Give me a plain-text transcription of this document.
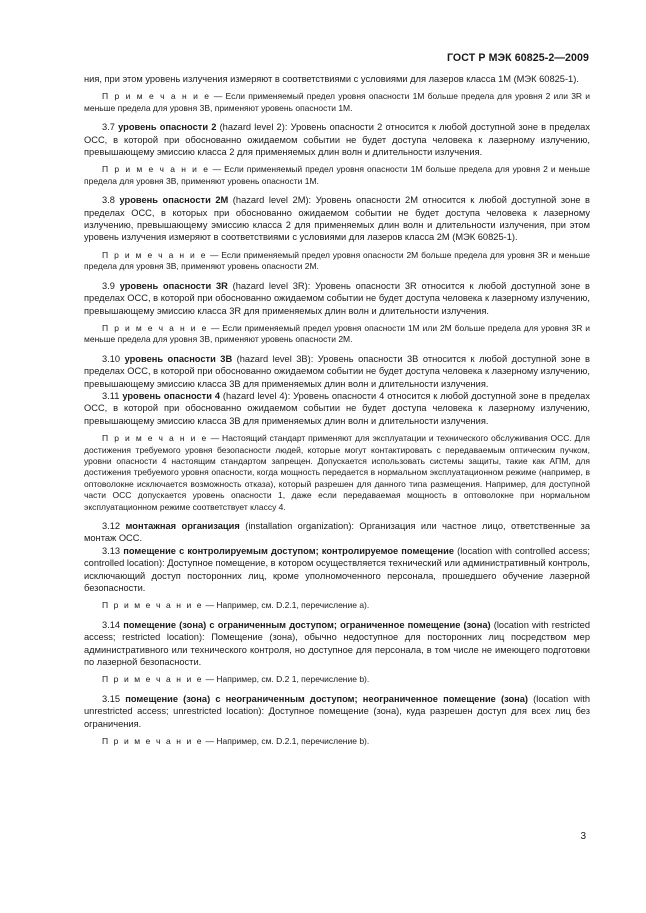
ГОСТ Р МЭК 60825-2—2009

ния, при этом уровень излучения измеряют в соответствиями с условиями для лазеров класса 1М (МЭК 60825-1).

П р и м е ч а н и е — Если применяемый предел уровня опасности 1М больше предела для уровня 2 или 3R и меньше предела для уровня 3В, применяют уровень опасности 1М.

3.7 уровень опасности 2 (hazard level 2): Уровень опасности 2 относится к любой доступной зоне в пределах ОСС, в которой при обоснованно ожидаемом событии не будет доступа человека к лазерному излучению, превышающему эмиссию класса 2 для применяемых длин волн и длительности излучения.

П р и м е ч а н и е — Если применяемый предел уровня опасности 1М больше предела для уровня 2 и меньше предела для уровня 3В, применяют уровень опасности 1М.

3.8 уровень опасности 2М (hazard level 2М): Уровень опасности 2М относится к любой доступной зоне в пределах ОСС, в которых при обоснованно ожидаемом событии не будет доступа человека к лазерному излучению, превышающему эмиссию класса 2 для применяемых длин волн и длительности излучения, при этом уровень излучения измеряют в соответствиями с условиями для лазеров класса 2М (МЭК 60825-1).

П р и м е ч а н и е — Если применяемый предел уровня опасности 2М больше предела для уровня 3R и меньше предела для уровня 3В, применяют уровень опасности 2М.

3.9 уровень опасности 3R (hazard level 3R): Уровень опасности 3R относится к любой доступной зоне в пределах ОСС, в которой при обоснованно ожидаемом событии не будет доступа человека к лазерному излучению, превышающему эмиссию класса 3R для применяемых длин волн и длительности излучения.

П р и м е ч а н и е — Если применяемый предел уровня опасности 1М или 2М больше предела для уровня 3R и меньше предела для уровня 3В, применяют уровень опасности 2М.

3.10 уровень опасности 3В (hazard level 3В): Уровень опасности 3В относится к любой доступной зоне в пределах ОСС, в которой при обоснованно ожидаемом событии не будет доступа человека к лазерному излучению, превышающему эмиссию класса 3В для применяемых длин волн и длительности излучения.

3.11 уровень опасности 4 (hazard level 4): Уровень опасности 4 относится к любой доступной зоне в пределах ОСС, в которой при обоснованно ожидаемом событии не будет доступа человека к лазерному излучению, превышающему эмиссию класса 3В для применяемых длин волн и длительности излучения.

П р и м е ч а н и е — Настоящий стандарт применяют для эксплуатации и технического обслуживания ОСС. Для достижения требуемого уровня безопасности людей, которые могут контактировать с передаваемым оптическим пучком, уровни опасности 4 настоящим стандартом запрещен. Допускается использовать системы защиты, такие как АПМ, для достижения требуемого уровня опасности, когда мощность передается в нормальном эксплуатационном режиме (например, в оптоволокне исключается возможность отказа), который разрешен для данного типа размещения. Например, для доступной части ОСС допускается уровень опасности 1, даже если передаваемая мощность в оптоволокне при нормальном эксплуатационном режиме соответствует классу 4.

3.12 монтажная организация (installation organization): Организация или частное лицо, ответственные за монтаж ОСС.

3.13 помещение с контролируемым доступом; контролируемое помещение (location with controlled access; controlled location): Доступное помещение, в котором осуществляется технический или административный контроль, исключающий доступ посторонних лиц, кроме уполномоченного персонала, прошедшего обучение лазерной безопасности.

П р и м е ч а н и е — Например, см. D.2.1, перечисление а).

3.14 помещение (зона) с ограниченным доступом; ограниченное помещение (зона) (location with restricted access; restricted location): Помещение (зона), обычно недоступное для посторонних лиц посредством мер административного или технического контроля, но доступное для персонала, в том числе не имеющего подготовки по лазерной безопасности.

П р и м е ч а н и е — Например, см. D.2 1, перечисление b).

3.15 помещение (зона) с неограниченным доступом; неограниченное помещение (зона) (location with unrestricted access; unrestricted location): Доступное помещение (зона), куда разрешен доступ для всех лиц без ограничения.

П р и м е ч а н и е — Например, см. D.2.1, перечисление b).

3
